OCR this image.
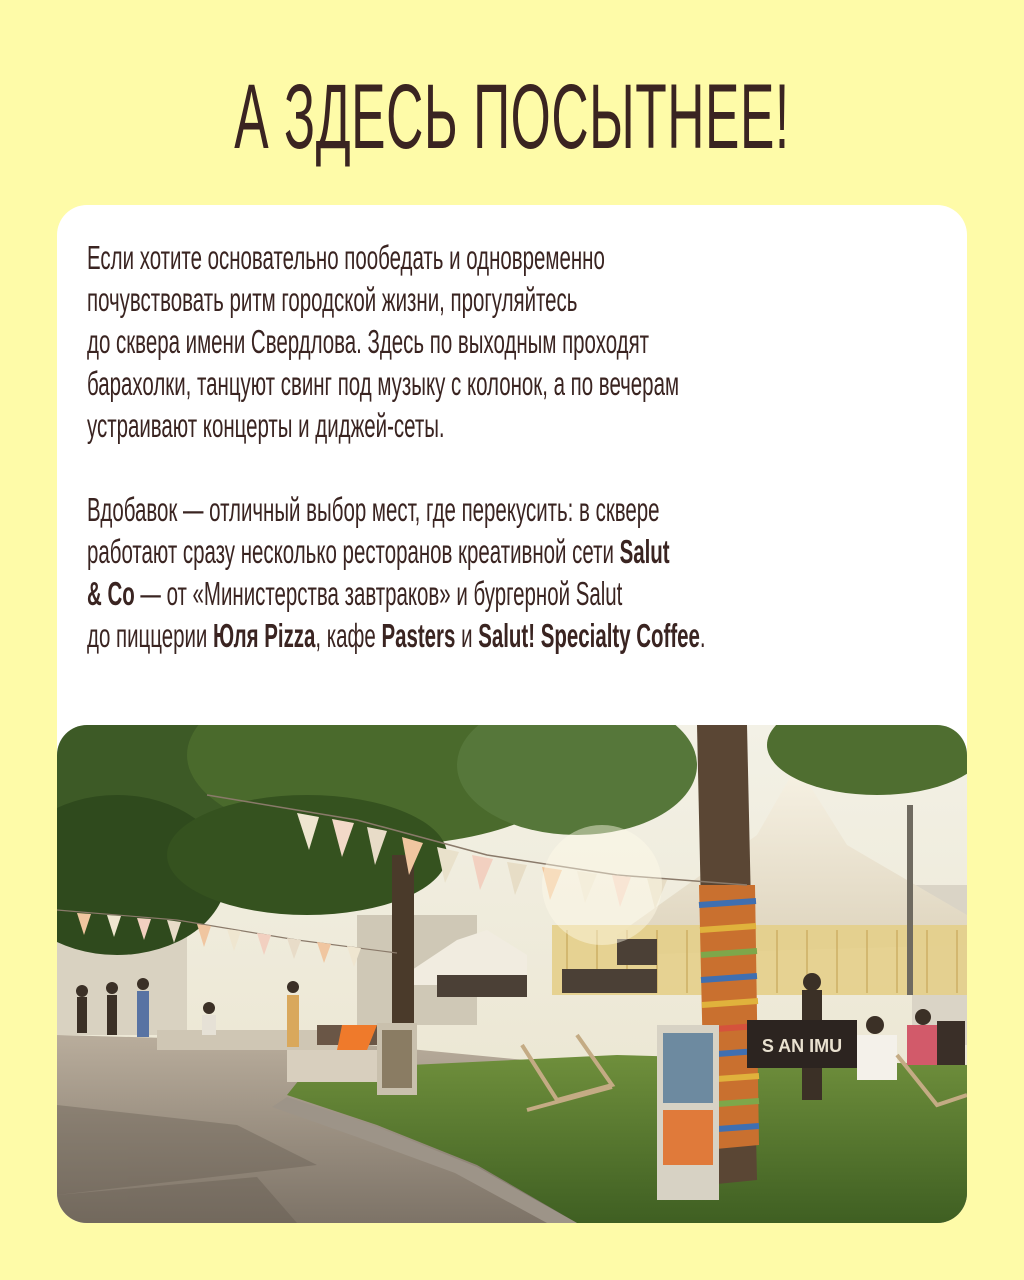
А ЗДЕСЬ ПОСЫТНЕЕ!

Если хотите основательно пообедать и одновременно
почувствовать ритм городской жизни, прогуляйтесь
до сквера имени Свердлова. Здесь по выходным проходят
барахолки, танцуют свинг под музыку с колонок, а по вечерам
устраивают концерты и диджей-сеты.

Вдобавок — отличный выбор мест, где перекусить: в сквере
работают сразу несколько ресторанов креативной сети Salut
& Co — от «Министерства завтраков» и бургерной Salut
до пиццерии Юля Pizza, кафе Pasters и Salut! Specialty Coffee.

S AN IMU
